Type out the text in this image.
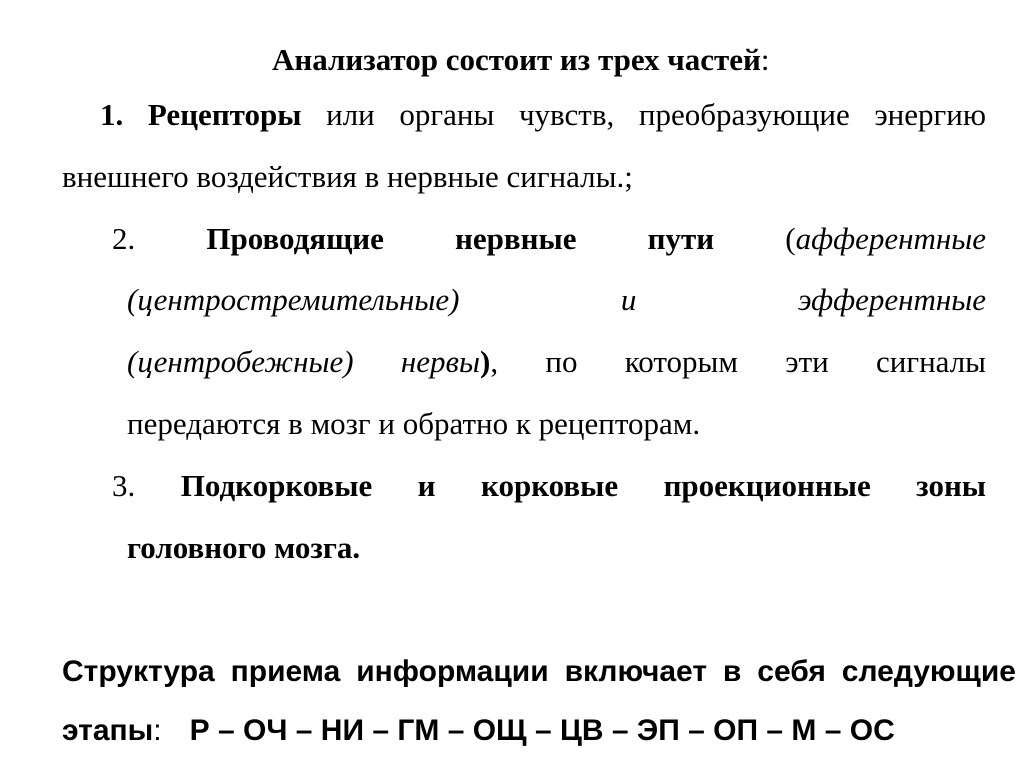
Анализатор состоит из трех частей:
1. Рецепторы или органы чувств, преобразующие энергию
внешнего воздействия в нервные сигналы.;
2. Проводящие нервные пути (афферентные
(центростремительные)	и	эфферентные
(центробежные) нервы), по которым эти сигналы
передаются в мозг и обратно к рецепторам.
3. Подкорковые и корковые проекционные зоны
головного мозга.
Структура приема информации включает в себя следующие
этапы: Р – ОЧ – НИ – ГМ – ОЩ – ЦВ – ЭП – ОП – М – ОС
